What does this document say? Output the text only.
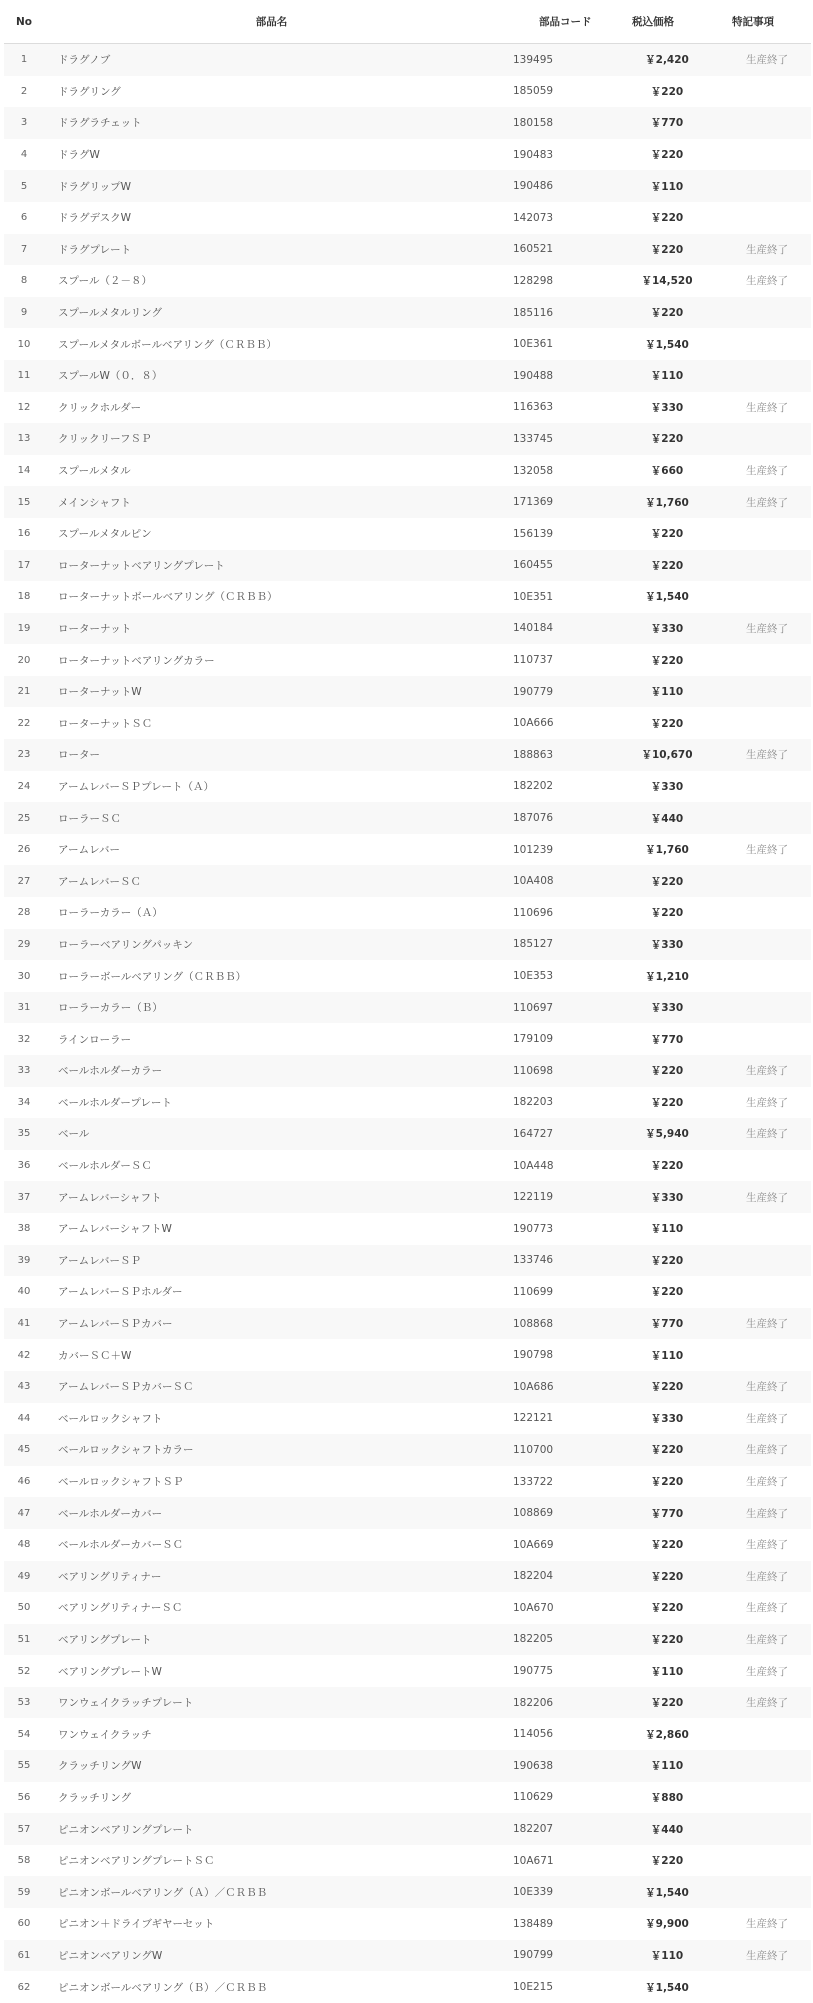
No	部品名	部品コード	税込価格	特記事項
1	ドラグノブ	139495	￥2,420	生産終了
2	ドラグリング	185059	￥220
3	ドラグラチェット	180158	￥770
4	ドラグW	190483	￥220
5	ドラグリップW	190486	￥110
6	ドラグデスクW	142073	￥220
7	ドラグプレート	160521	￥220	生産終了
8	スプール（２－８）	128298	￥14,520	生産終了
9	スプールメタルリング	185116	￥220
10	スプールメタルボールベアリング（ＣＲＢＢ）	10E361	￥1,540
11	スプールW（０．８）	190488	￥110
12	クリックホルダー	116363	￥330	生産終了
13	クリックリーフＳＰ	133745	￥220
14	スプールメタル	132058	￥660	生産終了
15	メインシャフト	171369	￥1,760	生産終了
16	スプールメタルピン	156139	￥220
17	ローターナットベアリングプレート	160455	￥220
18	ローターナットボールベアリング（ＣＲＢＢ）	10E351	￥1,540
19	ローターナット	140184	￥330	生産終了
20	ローターナットベアリングカラー	110737	￥220
21	ローターナットW	190779	￥110
22	ローターナットＳＣ	10A666	￥220
23	ローター	188863	￥10,670	生産終了
24	アームレバーＳＰプレート（Ａ）	182202	￥330
25	ローラーＳＣ	187076	￥440
26	アームレバー	101239	￥1,760	生産終了
27	アームレバーＳＣ	10A408	￥220
28	ローラーカラー（Ａ）	110696	￥220
29	ローラーベアリングパッキン	185127	￥330
30	ローラーボールベアリング（ＣＲＢＢ）	10E353	￥1,210
31	ローラーカラー（Ｂ）	110697	￥330
32	ラインローラー	179109	￥770
33	ベールホルダーカラー	110698	￥220	生産終了
34	ベールホルダープレート	182203	￥220	生産終了
35	ベール	164727	￥5,940	生産終了
36	ベールホルダーＳＣ	10A448	￥220
37	アームレバーシャフト	122119	￥330	生産終了
38	アームレバーシャフトW	190773	￥110
39	アームレバーＳＰ	133746	￥220
40	アームレバーＳＰホルダー	110699	￥220
41	アームレバーＳＰカバー	108868	￥770	生産終了
42	カバーＳＣ＋W	190798	￥110
43	アームレバーＳＰカバーＳＣ	10A686	￥220	生産終了
44	ベールロックシャフト	122121	￥330	生産終了
45	ベールロックシャフトカラー	110700	￥220	生産終了
46	ベールロックシャフトＳＰ	133722	￥220	生産終了
47	ベールホルダーカバー	108869	￥770	生産終了
48	ベールホルダーカバーＳＣ	10A669	￥220	生産終了
49	ベアリングリティナー	182204	￥220	生産終了
50	ベアリングリティナーＳＣ	10A670	￥220	生産終了
51	ベアリングプレート	182205	￥220	生産終了
52	ベアリングプレートW	190775	￥110	生産終了
53	ワンウェイクラッチプレート	182206	￥220	生産終了
54	ワンウェイクラッチ	114056	￥2,860
55	クラッチリングW	190638	￥110
56	クラッチリング	110629	￥880
57	ピニオンベアリングプレート	182207	￥440
58	ピニオンベアリングプレートＳＣ	10A671	￥220
59	ピニオンボールベアリング（Ａ）／ＣＲＢＢ	10E339	￥1,540
60	ピニオン＋ドライブギヤーセット	138489	￥9,900	生産終了
61	ピニオンベアリングW	190799	￥110	生産終了
62	ピニオンボールベアリング（Ｂ）／ＣＲＢＢ	10E215	￥1,540
